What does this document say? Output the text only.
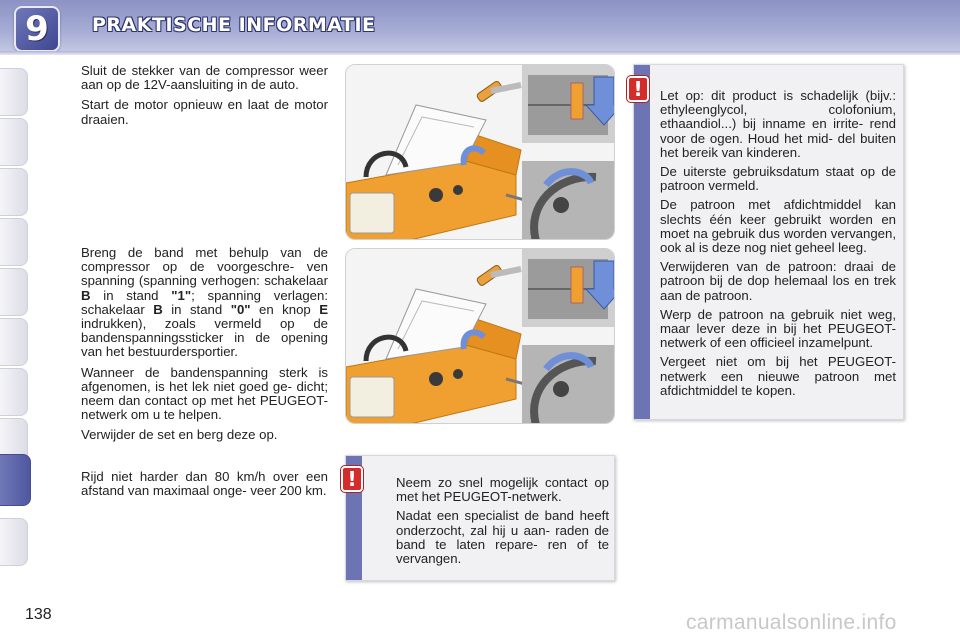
9	PRAKTISCHE INFORMATIE
Sluit de stekker van de compressor weer aan op de 12V-aansluiting in de auto.
Start de motor opnieuw en laat de motor draaien.
Breng de band met behulp van de compressor op de voorgeschre- ven spanning (spanning verhogen: schakelaar B in stand "1"; spanning verlagen: schakelaar B in stand "0" en knop E indrukken), zoals vermeld op de bandenspanningssticker in de opening van het bestuurdersportier.
Wanneer de bandenspanning sterk is afgenomen, is het lek niet goed ge- dicht; neem dan contact op met het PEUGEOT-netwerk om u te helpen.
Verwijder de set en berg deze op.
Rijd niet harder dan 80 km/h over een afstand van maximaal onge- veer 200 km.

Let op: dit product is schadelijk (bijv.: ethyleenglycol, colofonium, ethaandiol...) bij inname en irrite- rend voor de ogen. Houd het mid- del buiten het bereik van kinderen.

De uiterste gebruiksdatum staat op de patroon vermeld.

De patroon met afdichtmiddel kan slechts één keer gebruikt worden en moet na gebruik dus worden vervangen, ook al is deze nog niet geheel leeg.

Verwijderen van de patroon: draai de patroon bij de dop helemaal los en trek aan de patroon.

Werp de patroon na gebruik niet weg, maar lever deze in bij het PEUGEOT-netwerk of een officieel inzamelpunt.

Vergeet niet om bij het PEUGEOT- netwerk een nieuwe patroon met afdichtmiddel te kopen.

!
Neem zo snel mogelijk contact op met het PEUGEOT-netwerk.
Nadat een specialist de band heeft onderzocht, zal hij u aan- raden de band te laten repare- ren of te vervangen.
!
138	carmanualsonline.info
